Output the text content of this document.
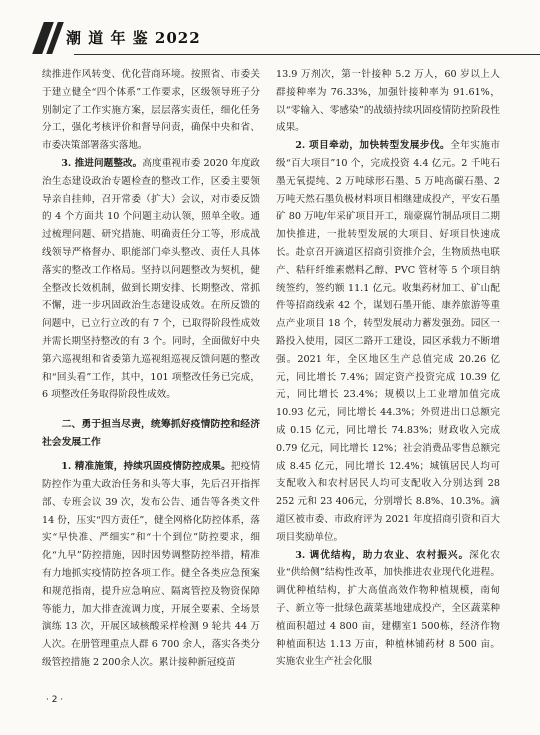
潮 道 年 鉴 2022

续推进作风转变、优化营商环境。按照省、市委关于建立健全“四个体系”工作要求，区级领导班子分别制定了工作实施方案，层层落实责任，细化任务分工，强化考核评价和督导问责，确保中央和省、市委决策部署落实落地。

3. 推进问题整改。高度重视市委 2020 年度政治生态建设政治专题检查的整改工作，区委主要领导亲自挂帅，召开常委（扩大）会议，对市委反馈的 4 个方面共 10 个问题主动认领，照单全收。通过梳理问题、研究措施、明确责任分工等，形成战线领导严格督办、职能部门牵头整改、责任人具体落实的整改工作格局。坚持以问题整改为契机，健全整改长效机制，做到长期安排、长期整改、常抓不懈，进一步巩固政治生态建设成效。在所反馈的问题中，已立行立改的有 7 个，已取得阶段性成效并需长期坚持整改的有 3 个。同时，全面做好中央第六巡视组和省委第九巡视组巡视反馈问题的整改和“回头看”工作，其中，101 项整改任务已完成，6 项整改任务取得阶段性成效。

二、勇于担当尽责，统筹抓好疫情防控和经济社会发展工作

1. 精准施策，持续巩固疫情防控成果。把疫情防控作为重大政治任务和头等大事，先后召开指挥部、专班会议 39 次，发布公告、通告等各类文件 14 份，压实“四方责任”，健全网格化防控体系，落实“早快准、严细实”和“十个到位”防控要求，细化“九早”防控措施，因时因势调整防控举措，精准有力地抓实疫情防控各项工作。健全各类应急预案和规范指南，提升应急响应、隔离管控及物资保障等能力，加大排查流调力度，开展全要素、全场景演练 13 次，开展区域核酸采样检测 9 轮共 44 万人次。在册管理重点人群 6 700 余人，落实各类分级管控措施 2 200余人次。累计接种新冠疫苗

13.9 万剂次，第一针接种 5.2 万人，60 岁以上人群接种率为 76.33%，加强针接种率为 91.61%，以“零输入、零感染”的战绩持续巩固疫情防控阶段性成果。

2. 项目牵动，加快转型发展步伐。全年实施市级“百大项目”10 个，完成投资 4.4 亿元。2 千吨石墨无氧提纯、2 万吨球形石墨、5 万吨高碳石墨、2 万吨天然石墨负极材料项目相继建成投产，平安石墨矿 80 万吨/年采矿项目开工，瑞豪腐竹制品项目二期加快推进，一批转型发展的大项目、好项目快速成长。赴京召开滴道区招商引资推介会，生物质热电联产、秸秆纤维素燃料乙醇、PVC 管材等 5 个项目纳统签约，签约额 11.1 亿元。收集药材加工、矿山配件等招商线索 42 个，谋划石墨开能、康养旅游等重点产业项目 18 个，转型发展动力蓄发强劲。园区一路投入使用，园区二路开工建设，园区承载力不断增强。2021 年，全区地区生产总值完成 20.26 亿元，同比增长 7.4%；固定资产投资完成 10.39 亿元，同比增长 23.4%；规模以上工业增加值完成 10.93 亿元，同比增长 44.3%；外贸进出口总额完成 0.15 亿元，同比增长 74.83%；财政收入完成 0.79 亿元，同比增长 12%；社会消费品零售总额完成 8.45 亿元，同比增长 12.4%；城镇居民人均可支配收入和农村居民人均可支配收入分别达到 28 252 元和 23 406元，分别增长 8.8%、10.3%。滴道区被市委、市政府评为 2021 年度招商引资和百大项目奖励单位。

3. 调优结构，助力农业、农村振兴。深化农业“供给侧”结构性改革，加快推进农业现代化进程。调优种植结构，扩大高值高效作物种植规模，南甸子、新立等一批绿色蔬菜基地建成投产，全区蔬菜种植面积超过 4 800 亩，建棚室1 500栋，经济作物种植面积达 1.13 万亩，种植林铺药材 8 500 亩。实施农业生产社会化服

· 2 ·
